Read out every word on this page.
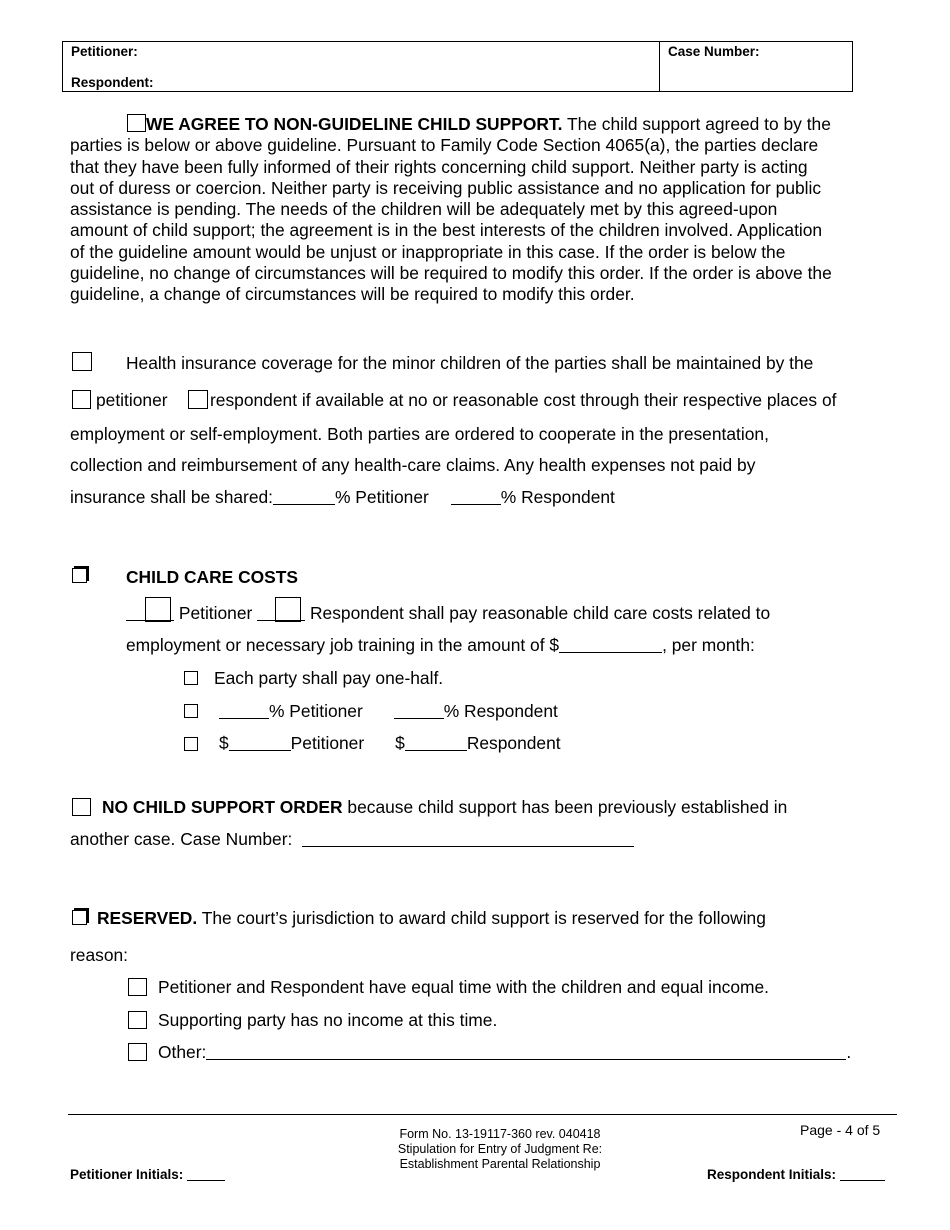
Petitioner:
Respondent:
Case Number:

WE AGREE TO NON-GUIDELINE CHILD SUPPORT. The child support agreed to by the
parties is below or above guideline. Pursuant to Family Code Section 4065(a), the parties declare
that they have been fully informed of their rights concerning child support. Neither party is acting
out of duress or coercion. Neither party is receiving public assistance and no application for public
assistance is pending. The needs of the children will be adequately met by this agreed-upon
amount of child support; the agreement is in the best interests of the children involved. Application
of the guideline amount would be unjust or inappropriate in this case. If the order is below the
guideline, no change of circumstances will be required to modify this order. If the order is above the
guideline, a change of circumstances will be required to modify this order.

Health insurance coverage for the minor children of the parties shall be maintained by the
petitioner respondent if available at no or reasonable cost through their respective places of
employment or self-employment. Both parties are ordered to cooperate in the presentation,
collection and reimbursement of any health-care claims. Any health expenses not paid by
insurance shall be shared:	% Petitioner	% Respondent
CHILD CARE COSTS
Petitioner	Respondent shall pay reasonable child care costs related to
employment or necessary job training in the amount of $	, per month:
Each party shall pay one-half.
% Petitioner	% Respondent
$	Petitioner $	Respondent
NO CHILD SUPPORT ORDER because child support has been previously established in
another case. Case Number:
RESERVED. The court’s jurisdiction to award child support is reserved for the following
reason:
Petitioner and Respondent have equal time with the children and equal income.
Supporting party has no income at this time.
Other:	.
Form No. 13-19117-360 rev. 040418
Stipulation for Entry of Judgment Re:
Establishment Parental Relationship
Page - 4 of 5
Petitioner Initials:	Respondent Initials:
